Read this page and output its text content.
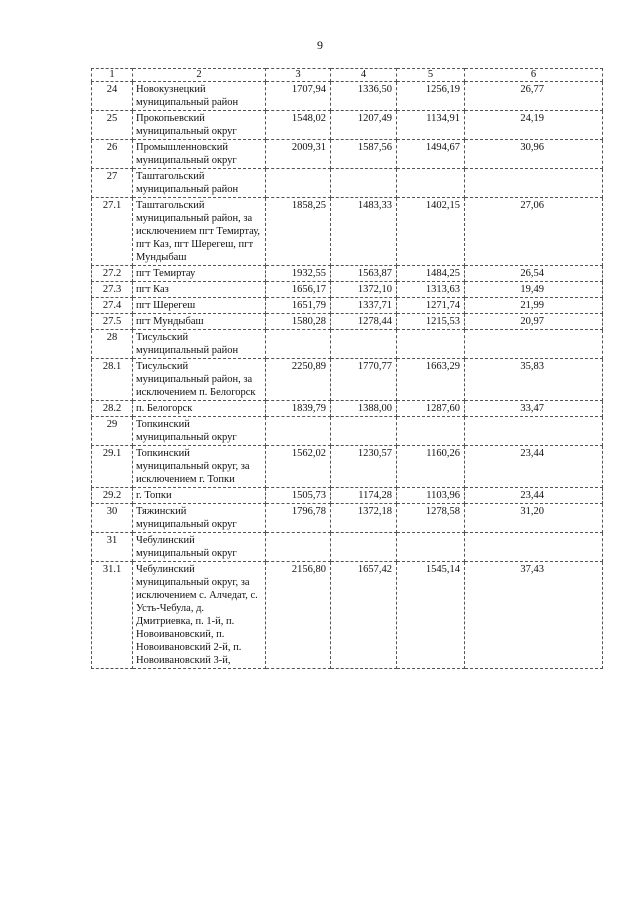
9
1	2	3	4	5	6
24	Новокузнецкий муниципальный район	1707,94	1336,50	1256,19	26,77
25	Прокопьевский муниципальный округ	1548,02	1207,49	1134,91	24,19
26	Промышленновский муниципальный округ	2009,31	1587,56	1494,67	30,96
27	Таштагольский муниципальный район				
27.1	Таштагольский муниципальный район, за исключением пгт Темиртау, пгт Каз, пгт Шерегеш, пгт Мундыбаш	1858,25	1483,33	1402,15	27,06
27.2	пгт Темиртау	1932,55	1563,87	1484,25	26,54
27.3	пгт Каз	1656,17	1372,10	1313,63	19,49
27.4	пгт Шерегеш	1651,79	1337,71	1271,74	21,99
27.5	пгт Мундыбаш	1580,28	1278,44	1215,53	20,97
28	Тисульский муниципальный район				
28.1	Тисульский муниципальный район, за исключением п. Белогорск	2250,89	1770,77	1663,29	35,83
28.2	п. Белогорск	1839,79	1388,00	1287,60	33,47
29	Топкинский муниципальный округ				
29.1	Топкинский муниципальный округ, за исключением г. Топки	1562,02	1230,57	1160,26	23,44
29.2	г. Топки	1505,73	1174,28	1103,96	23,44
30	Тяжинский муниципальный округ	1796,78	1372,18	1278,58	31,20
31	Чебулинский муниципальный округ				
31.1	Чебулинский муниципальный округ, за исключением с. Алчедат, с. Усть-Чебула, д. Дмитриевка, п. 1-й, п. Новоивановский, п. Новоивановский 2-й, п. Новоивановский 3-й,	2156,80	1657,42	1545,14	37,43
